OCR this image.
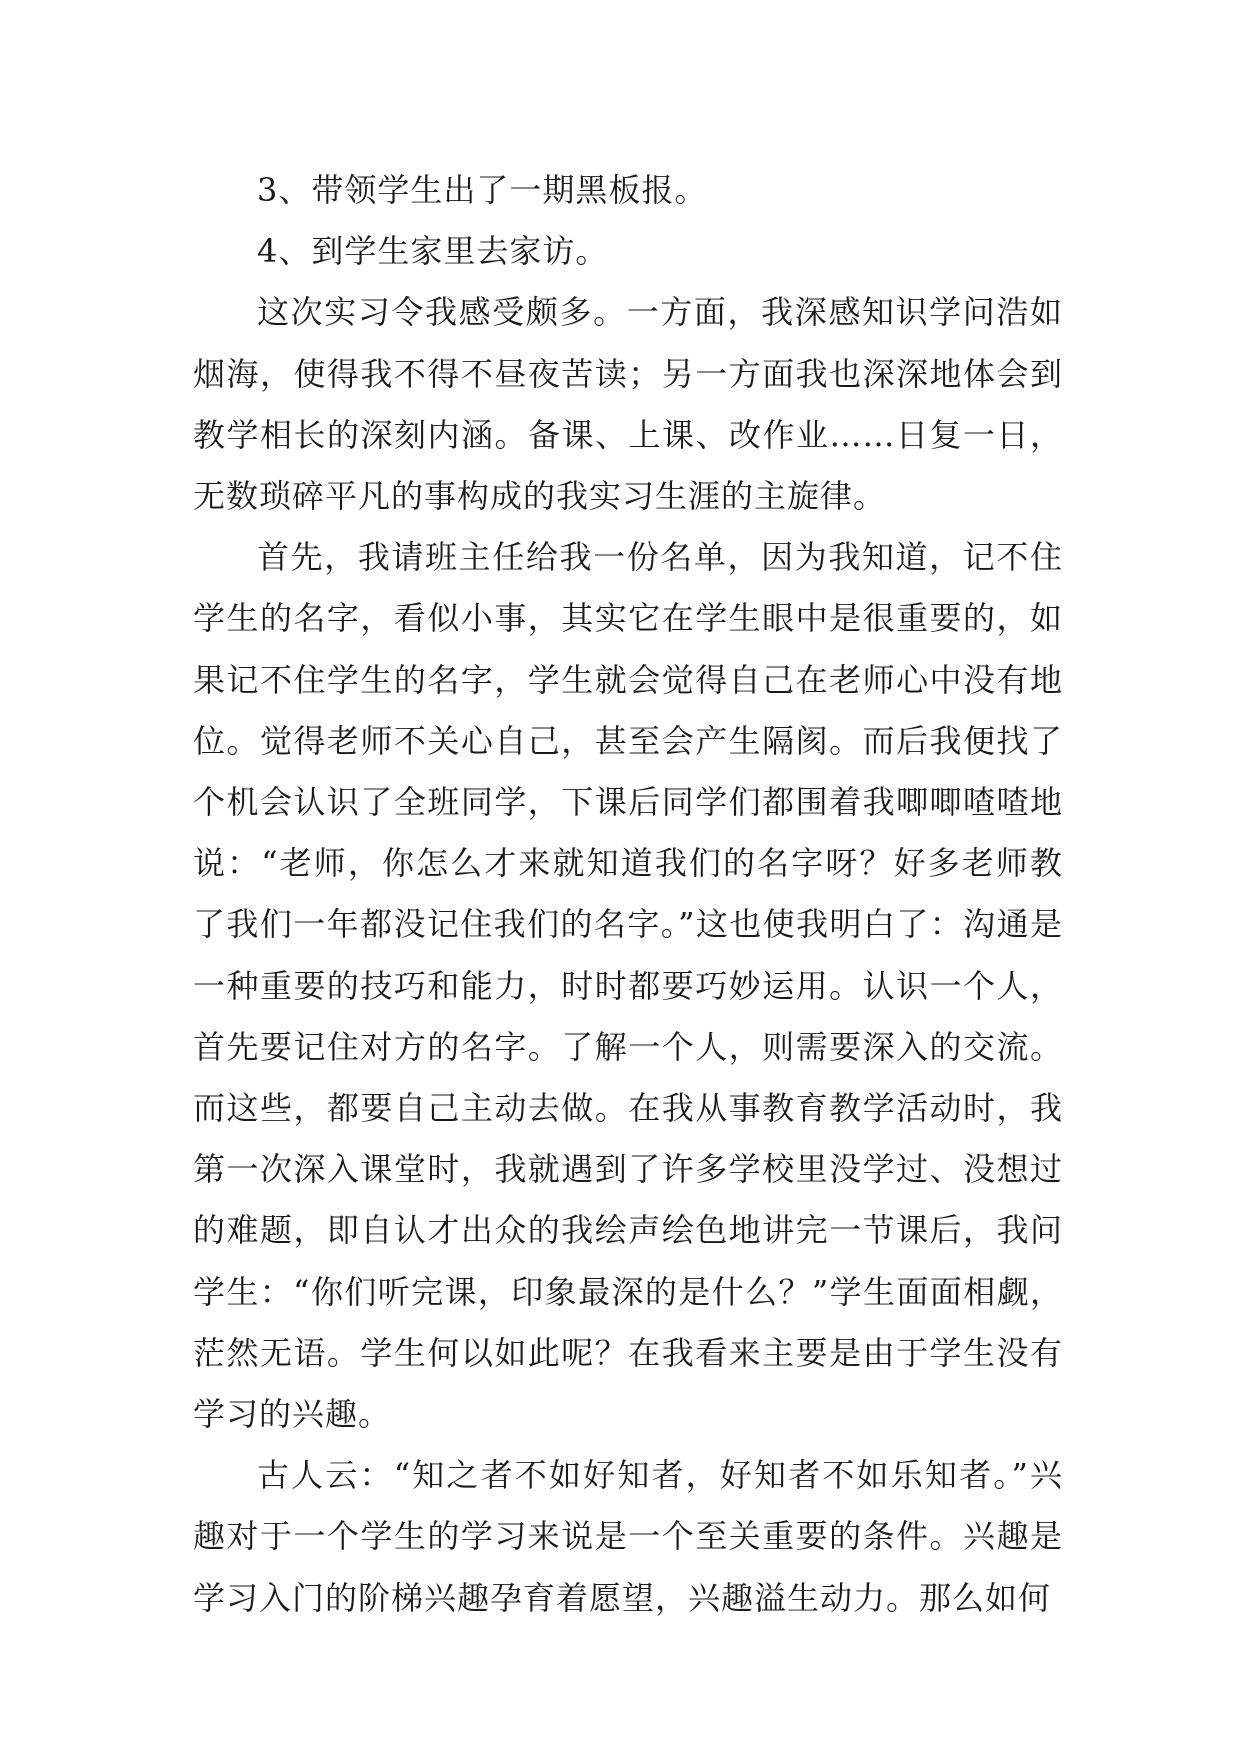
3、带领学生出了一期黑板报。

4、到学生家里去家访。

这次实习令我感受颇多。一方面，我深感知识学问浩如烟海，使得我不得不昼夜苦读；另一方面我也深深地体会到教学相长的深刻内涵。备课、上课、改作业……日复一日，无数琐碎平凡的事构成的我实习生涯的主旋律。

首先，我请班主任给我一份名单，因为我知道，记不住学生的名字，看似小事，其实它在学生眼中是很重要的，如果记不住学生的名字，学生就会觉得自己在老师心中没有地位。觉得老师不关心自己，甚至会产生隔阂。而后我便找了个机会认识了全班同学，下课后同学们都围着我唧唧喳喳地说：“老师，你怎么才来就知道我们的名字呀？好多老师教了我们一年都没记住我们的名字。”这也使我明白了：沟通是一种重要的技巧和能力，时时都要巧妙运用。认识一个人，首先要记住对方的名字。了解一个人，则需要深入的交流。而这些，都要自己主动去做。在我从事教育教学活动时，我第一次深入课堂时，我就遇到了许多学校里没学过、没想过的难题，即自认才出众的我绘声绘色地讲完一节课后，我问学生：“你们听完课，印象最深的是什么？”学生面面相觑，茫然无语。学生何以如此呢？在我看来主要是由于学生没有学习的兴趣。

古人云：“知之者不如好知者，好知者不如乐知者。”兴趣对于一个学生的学习来说是一个至关重要的条件。兴趣是学习入门的阶梯兴趣孕育着愿望，兴趣溢生动力。那么如何
